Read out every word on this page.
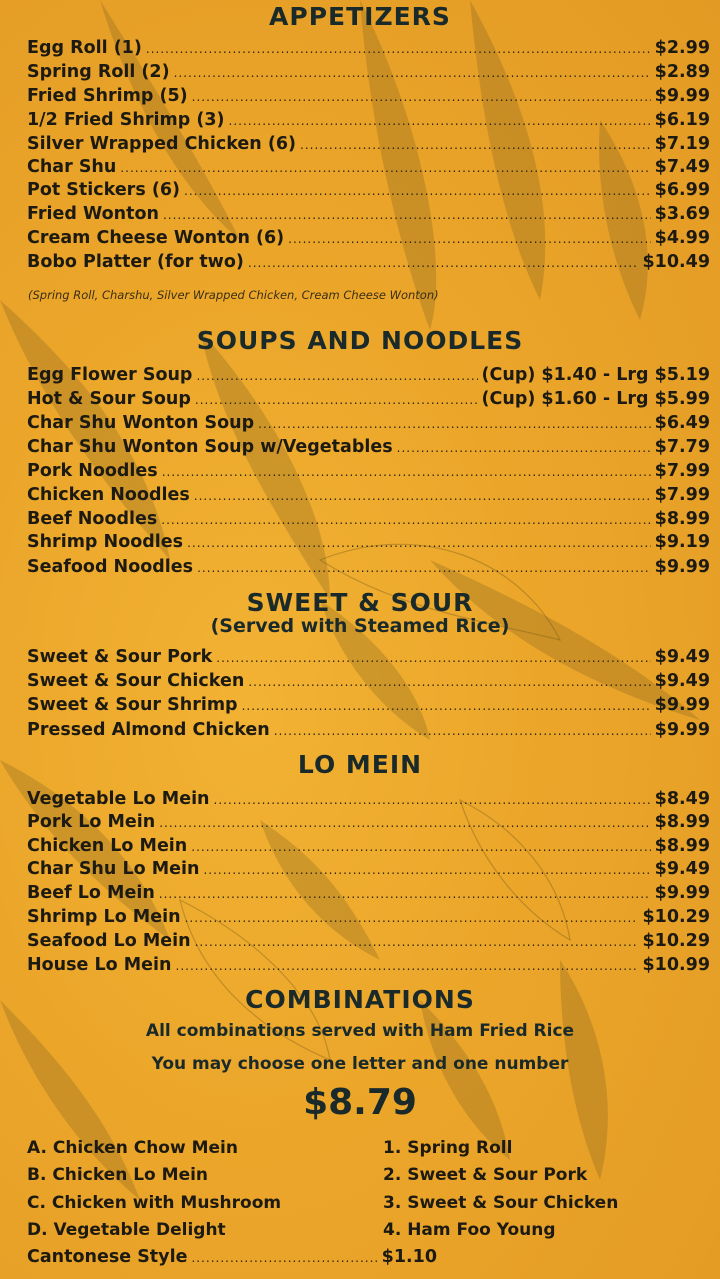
APPETIZERS
Egg Roll (1) .....	$2.99
Spring Roll (2) .....	$2.89
Fried Shrimp (5) .....	$9.99
1/2 Fried Shrimp (3) .....	$6.19
Silver Wrapped Chicken (6) .....	$7.19
Char Shu .....	$7.49
Pot Stickers (6) .....	$6.99
Fried Wonton .....	$3.69
Cream Cheese Wonton (6) .....	$4.99
Bobo Platter (for two) .....	$10.49
(Spring Roll, Charshu, Silver Wrapped Chicken, Cream Cheese Wonton)
SOUPS AND NOODLES
Egg Flower Soup .....	(Cup) $1.40 - Lrg $5.19
Hot & Sour Soup .....	(Cup) $1.60 - Lrg $5.99
Char Shu Wonton Soup .....	$6.49
Char Shu Wonton Soup w/Vegetables .....	$7.79
Pork Noodles .....	$7.99
Chicken Noodles .....	$7.99
Beef Noodles .....	$8.99
Shrimp Noodles .....	$9.19
Seafood Noodles .....	$9.99
SWEET & SOUR
(Served with Steamed Rice)
Sweet & Sour Pork .....	$9.49
Sweet & Sour Chicken .....	$9.49
Sweet & Sour Shrimp .....	$9.99
Pressed Almond Chicken .....	$9.99
LO MEIN
Vegetable Lo Mein .....	$8.49
Pork Lo Mein .....	$8.99
Chicken Lo Mein .....	$8.99
Char Shu Lo Mein .....	$9.49
Beef Lo Mein .....	$9.99
Shrimp Lo Mein .....	$10.29
Seafood Lo Mein .....	$10.29
House Lo Mein .....	$10.99
COMBINATIONS
All combinations served with Ham Fried Rice
You may choose one letter and one number
$8.79
A. Chicken Chow Mein
B. Chicken Lo Mein
C. Chicken with Mushroom
D. Vegetable Delight
1. Spring Roll
2. Sweet & Sour Pork
3. Sweet & Sour Chicken
4. Ham Foo Young
Cantonese Style .....	$1.10
